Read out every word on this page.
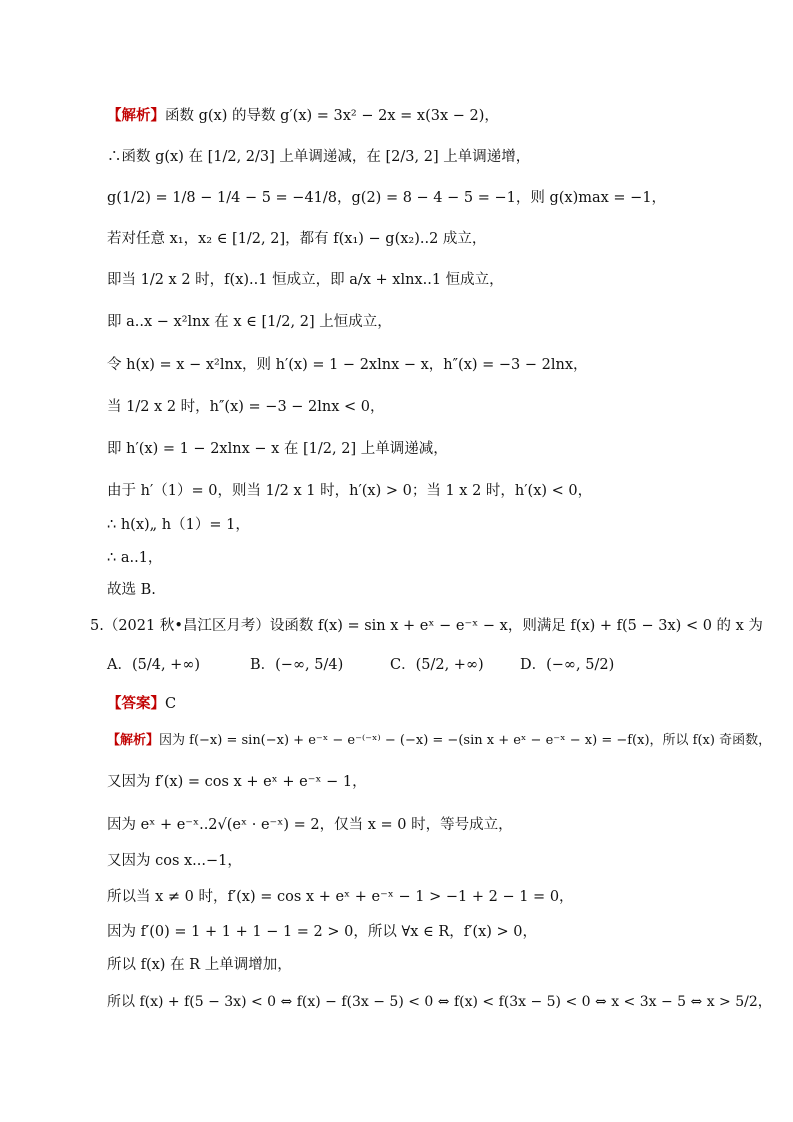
【解析】函数 g(x) 的导数 g′(x) = 3x² − 2x = x(3x − 2)，
∴函数 g(x) 在 [1/2, 2/3] 上单调递减，在 [2/3, 2] 上单调递增，
g(1/2) = 1/8 − 1/4 − 5 = −41/8，g(2) = 8 − 4 − 5 = −1，则 g(x)max = −1，
若对任意 x₁，x₂ ∈ [1/2, 2]，都有 f(x₁) − g(x₂)..2 成立，
即当 1/2 x 2 时，f(x)..1 恒成立，即 a/x + xlnx..1 恒成立，
即 a..x − x²lnx 在 x ∈ [1/2, 2] 上恒成立，
令 h(x) = x − x²lnx，则 h′(x) = 1 − 2xlnx − x，h″(x) = −3 − 2lnx，
当 1/2 x 2 时，h″(x) = −3 − 2lnx < 0，
即 h′(x) = 1 − 2xlnx − x 在 [1/2, 2] 上单调递减，
由于 h′（1）= 0，则当 1/2 x 1 时，h′(x) > 0；当 1 x 2 时，h′(x) < 0，
∴ h(x)„ h（1）= 1，
∴ a..1，
故选 B.
5.（2021 秋•昌江区月考）设函数 f(x) = sin x + eˣ − e⁻ˣ − x，则满足 f(x) + f(5 − 3x) < 0 的 x 为
A．(5/4, +∞)	B．(−∞, 5/4)	C．(5/2, +∞)	D．(−∞, 5/2)
【答案】C
【解析】因为 f(−x) = sin(−x) + e⁻ˣ − e⁻⁽⁻ˣ⁾ − (−x) = −(sin x + eˣ − e⁻ˣ − x) = −f(x)，所以 f(x) 奇函数，
又因为 f′(x) = cos x + eˣ + e⁻ˣ − 1，
因为 eˣ + e⁻ˣ..2√(eˣ · e⁻ˣ) = 2，仅当 x = 0 时，等号成立，
又因为 cos x...−1，
所以当 x ≠ 0 时，f′(x) = cos x + eˣ + e⁻ˣ − 1 > −1 + 2 − 1 = 0，
因为 f′(0) = 1 + 1 + 1 − 1 = 2 > 0，所以 ∀x ∈ R，f′(x) > 0，
所以 f(x) 在 R 上单调增加，
所以 f(x) + f(5 − 3x) < 0 ⇔ f(x) − f(3x − 5) < 0 ⇔ f(x) < f(3x − 5) < 0 ⇔ x < 3x − 5 ⇔ x > 5/2，
